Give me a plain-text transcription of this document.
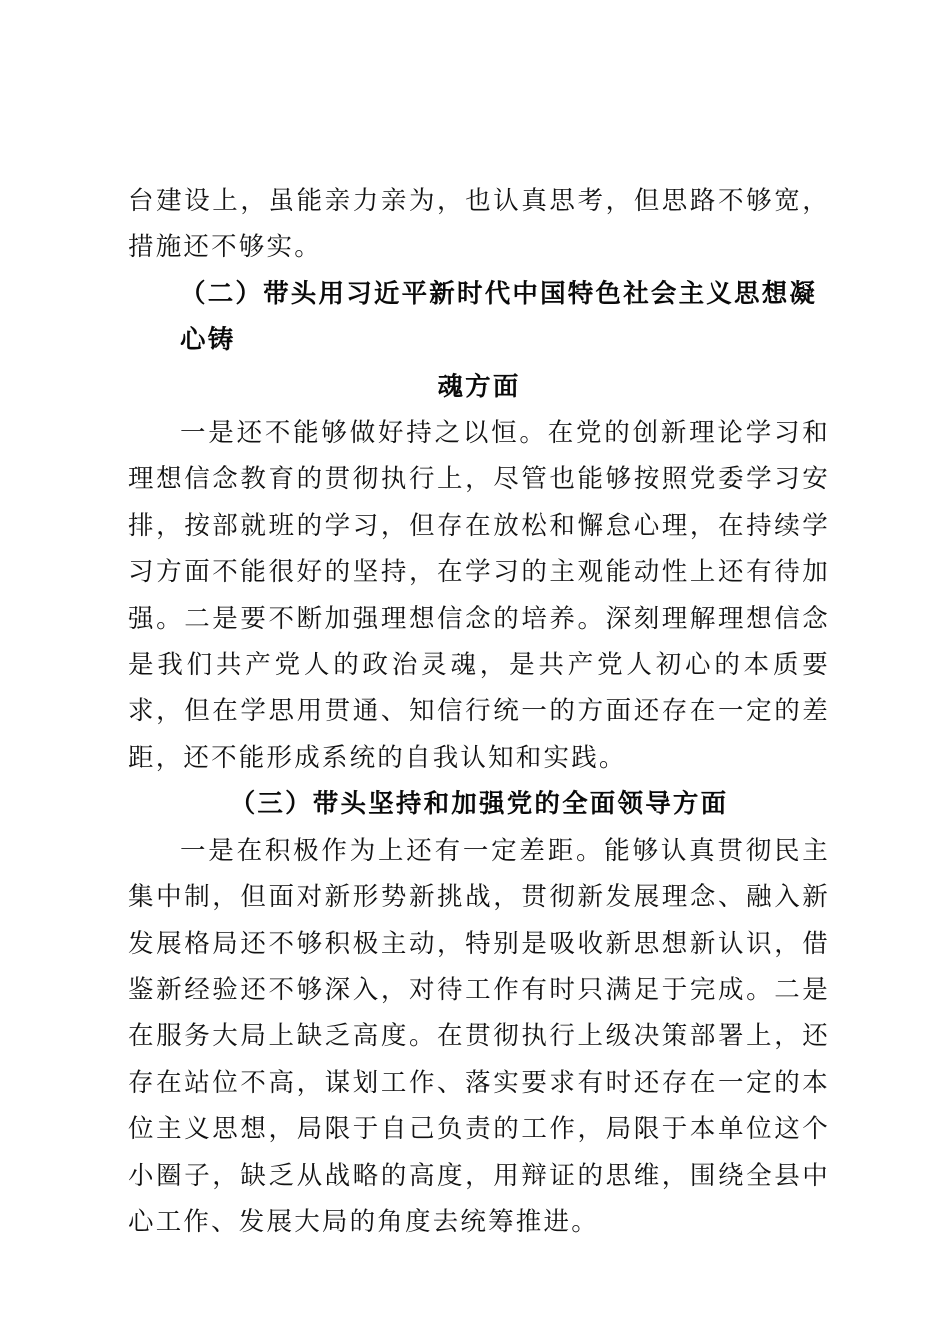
台建设上，虽能亲力亲为，也认真思考，但思路不够宽，措施还不够实。

（二）带头用习近平新时代中国特色社会主义思想凝心铸

魂方面

一是还不能够做好持之以恒。在党的创新理论学习和理想信念教育的贯彻执行上，尽管也能够按照党委学习安排，按部就班的学习，但存在放松和懈怠心理，在持续学习方面不能很好的坚持，在学习的主观能动性上还有待加强。二是要不断加强理想信念的培养。深刻理解理想信念是我们共产党人的政治灵魂，是共产党人初心的本质要求，但在学思用贯通、知信行统一的方面还存在一定的差距，还不能形成系统的自我认知和实践。

（三）带头坚持和加强党的全面领导方面

一是在积极作为上还有一定差距。能够认真贯彻民主集中制，但面对新形势新挑战，贯彻新发展理念、融入新发展格局还不够积极主动，特别是吸收新思想新认识，借鉴新经验还不够深入，对待工作有时只满足于完成。二是在服务大局上缺乏高度。在贯彻执行上级决策部署上，还存在站位不高，谋划工作、落实要求有时还存在一定的本位主义思想，局限于自己负责的工作，局限于本单位这个小圈子，缺乏从战略的高度，用辩证的思维，围绕全县中心工作、发展大局的角度去统筹推进。
